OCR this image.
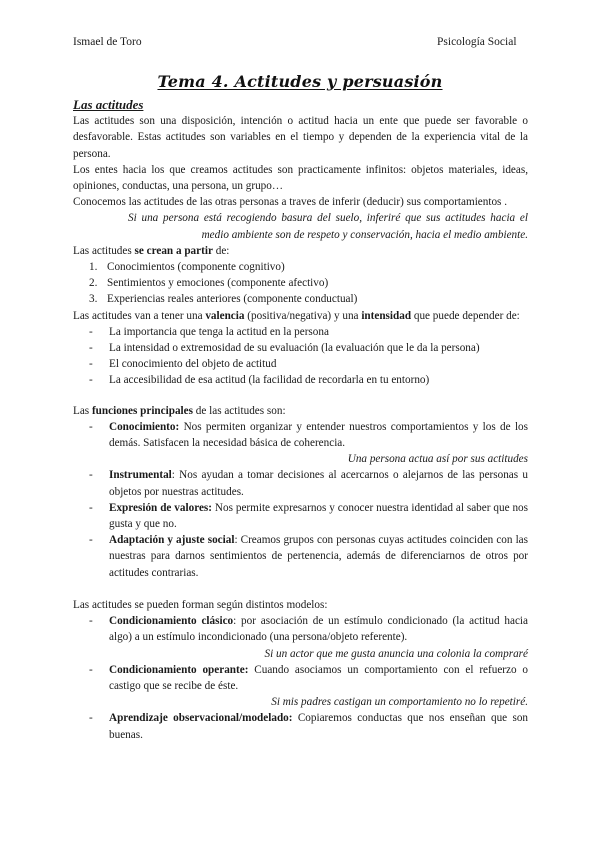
Ismael de Toro	Psicología Social
Tema 4. Actitudes y persuasión
Las actitudes

Las actitudes son una disposición, intención o actitud hacia un ente que puede ser favorable o desfavorable. Estas actitudes son variables en el tiempo y dependen de la experiencia vital de la persona.

Los entes hacia los que creamos actitudes son practicamente infinitos: objetos materiales, ideas, opiniones, conductas, una persona, un grupo…

Conocemos las actitudes de las otras personas a traves de inferir (deducir) sus comportamientos .

Si una persona está recogiendo basura del suelo, inferiré que sus actitudes hacia el medio ambiente son de respeto y conservación, hacia el medio ambiente.

Las actitudes se crean a partir de:

1. Conocimientos (componente cognitivo)
2. Sentimientos y emociones (componente afectivo)
3. Experiencias reales anteriores (componente conductual)

Las actitudes van a tener una valencia (positiva/negativa) y una intensidad que puede depender de:

- La importancia que tenga la actitud en la persona
- La intensidad o extremosidad de su evaluación (la evaluación que le da la persona)
- El conocimiento del objeto de actitud
- La accesibilidad de esa actitud (la facilidad de recordarla en tu entorno)

Las funciones principales de las actitudes son:

- Conocimiento: Nos permiten organizar y entender nuestros comportamientos y los de los demás. Satisfacen la necesidad básica de coherencia.

Una persona actua así por sus actitudes

- Instrumental: Nos ayudan a tomar decisiones al acercarnos o alejarnos de las personas u objetos por nuestras actitudes.
- Expresión de valores: Nos permite expresarnos y conocer nuestra identidad al saber que nos gusta y que no.
- Adaptación y ajuste social: Creamos grupos con personas cuyas actitudes coinciden con las nuestras para darnos sentimientos de pertenencia, además de diferenciarnos de otros por actitudes contrarias.

Las actitudes se pueden forman según distintos modelos:

- Condicionamiento clásico: por asociación de un estímulo condicionado (la actitud hacia algo) a un estímulo incondicionado (una persona/objeto referente).

Si un actor que me gusta anuncia una colonia la compraré

- Condicionamiento operante: Cuando asociamos un comportamiento con el refuerzo o castigo que se recibe de éste.

Si mis padres castigan un comportamiento no lo repetiré.

- Aprendizaje observacional/modelado: Copiaremos conductas que nos enseñan que son buenas.
